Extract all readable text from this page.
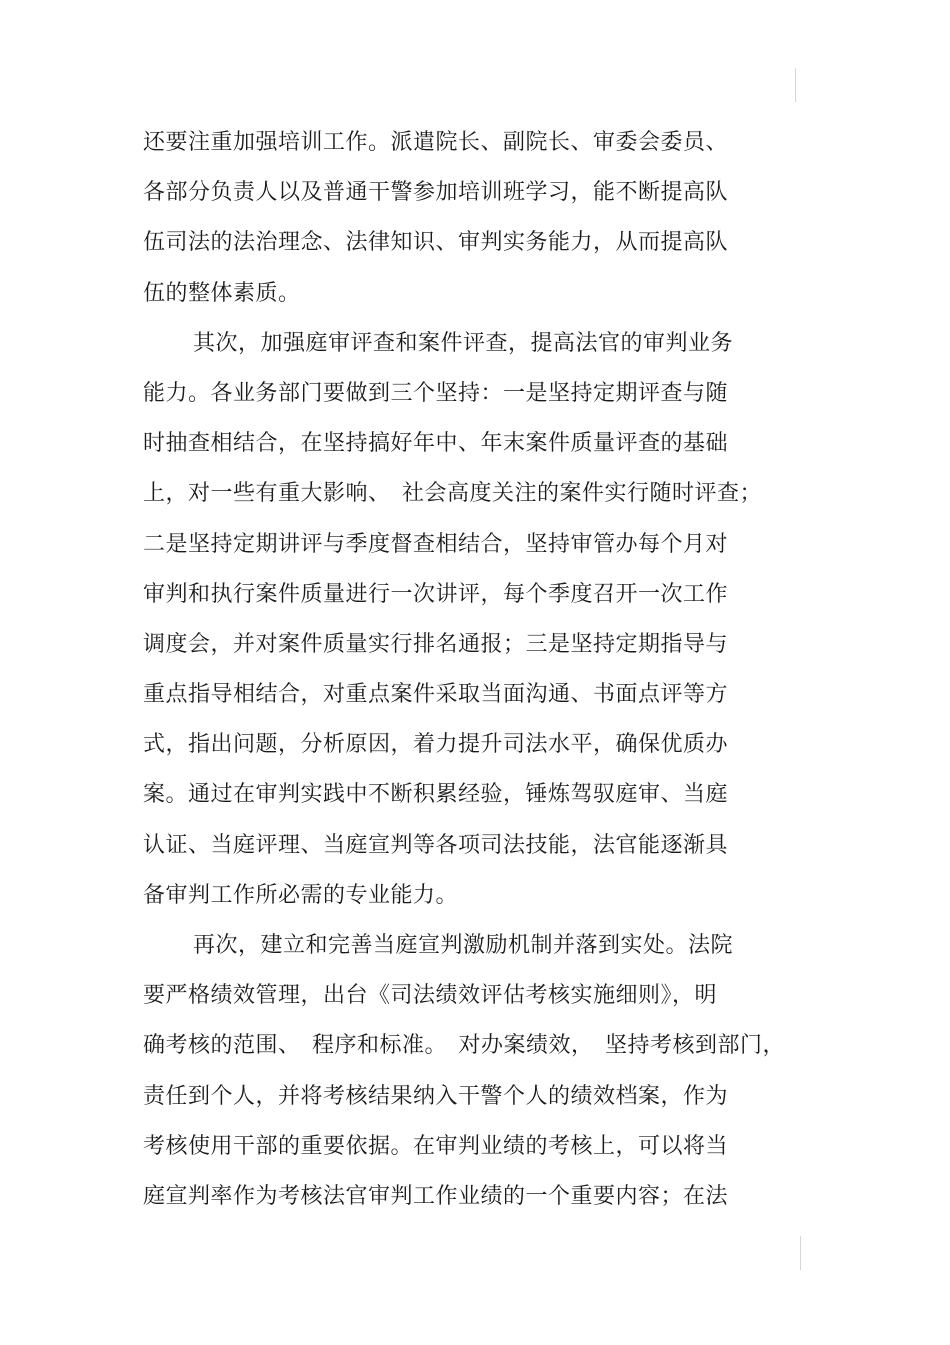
还要注重加强培训工作。派遣院长、副院长、审委会委员、
各部分负责人以及普通干警参加培训班学习，能不断提高队
伍司法的法治理念、法律知识、审判实务能力，从而提高队
伍的整体素质。
其次，加强庭审评查和案件评查，提高法官的审判业务
能力。各业务部门要做到三个坚持：一是坚持定期评查与随
时抽查相结合，在坚持搞好年中、年末案件质量评查的基础
上，对一些有重大影响、　社会高度关注的案件实行随时评查；
二是坚持定期讲评与季度督查相结合，坚持审管办每个月对
审判和执行案件质量进行一次讲评，每个季度召开一次工作
调度会，并对案件质量实行排名通报；三是坚持定期指导与
重点指导相结合，对重点案件采取当面沟通、书面点评等方
式，指出问题，分析原因，着力提升司法水平，确保优质办
案。通过在审判实践中不断积累经验，锤炼驾驭庭审、当庭
认证、当庭评理、当庭宣判等各项司法技能，法官能逐渐具
备审判工作所必需的专业能力。
再次，建立和完善当庭宣判激励机制并落到实处。法院
要严格绩效管理，出台《司法绩效评估考核实施细则》，明
确考核的范围、　程序和标准。　对办案绩效，　坚持考核到部门，
责任到个人，并将考核结果纳入干警个人的绩效档案，作为
考核使用干部的重要依据。在审判业绩的考核上，可以将当
庭宣判率作为考核法官审判工作业绩的一个重要内容；在法
